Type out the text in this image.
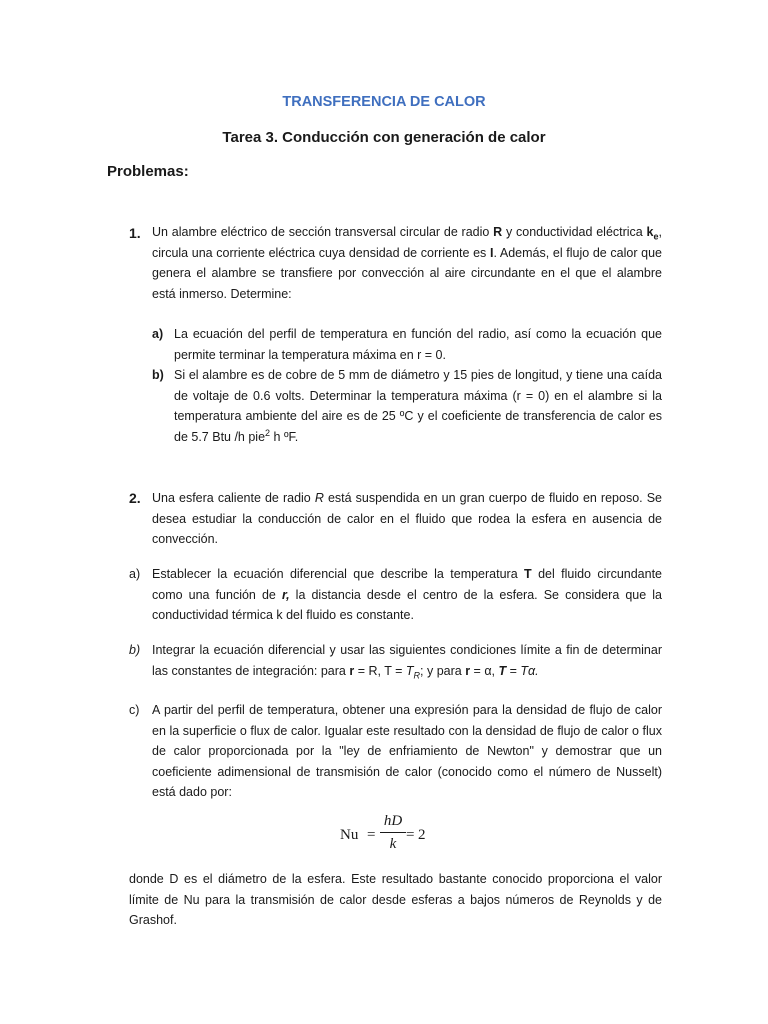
TRANSFERENCIA DE CALOR
Tarea 3. Conducción con generación de calor
Problemas:
1. Un alambre eléctrico de sección transversal circular de radio R y conductividad eléctrica $k_e$, circula una corriente eléctrica cuya densidad de corriente es I. Además, el flujo de calor que genera el alambre se transfiere por convección al aire circundante en el que el alambre está inmerso. Determine:

a) La ecuación del perfil de temperatura en función del radio, así como la ecuación que permite terminar la temperatura máxima en r = 0.

b) Si el alambre es de cobre de 5 mm de diámetro y 15 pies de longitud, y tiene una caída de voltaje de 0.6 volts. Determinar la temperatura máxima (r = 0) en el alambre si la temperatura ambiente del aire es de 25 ºC y el coeficiente de transferencia de calor es de 5.7 Btu /h pie$^2$ h ºF.

2. Una esfera caliente de radio R está suspendida en un gran cuerpo de fluido en reposo. Se desea estudiar la conducción de calor en el fluido que rodea la esfera en ausencia de convección.

a) Establecer la ecuación diferencial que describe la temperatura T del fluido circundante como una función de r, la distancia desde el centro de la esfera. Se considera que la conductividad térmica k del fluido es constante.

b) Integrar la ecuación diferencial y usar las siguientes condiciones límite a fin de determinar las constantes de integración: para r = R, $T = T_R$; y para r = α, T = Tα.

c) A partir del perfil de temperatura, obtener una expresión para la densidad de flujo de calor en la superficie o flux de calor. Igualar este resultado con la densidad de flujo de calor o flux de calor proporcionada por la "ley de enfriamiento de Newton" y demostrar que un coeficiente adimensional de transmisión de calor (conocido como el número de Nusselt) está dado por:

Nu =
hD
k
= 2

donde D es el diámetro de la esfera. Este resultado bastante conocido proporciona el valor límite de Nu para la transmisión de calor desde esferas a bajos números de Reynolds y de Grashof.
